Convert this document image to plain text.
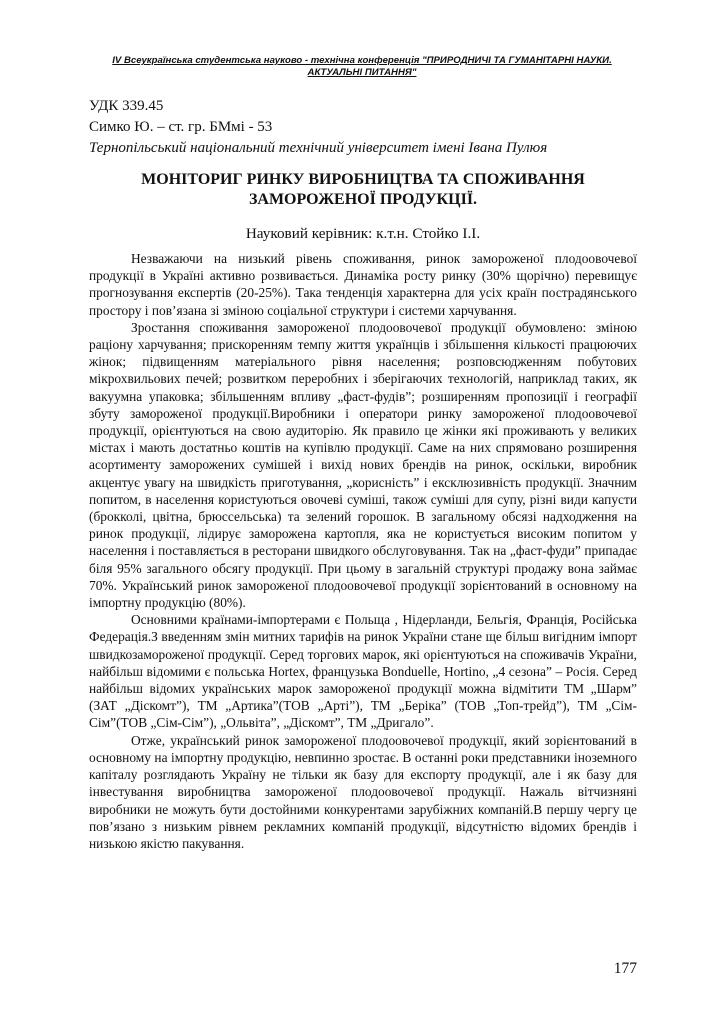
IV Всеукраїнська студентська науково - технічна конференція "ПРИРОДНИЧІ ТА ГУМАНІТАРНІ НАУКИ.
АКТУАЛЬНІ ПИТАННЯ"
УДК 339.45
Симко Ю. – ст. гр. БМмі - 53
Тернопільський національний технічний університет імені Івана Пулюя
МОНІТОРИГ РИНКУ ВИРОБНИЦТВА ТА СПОЖИВАННЯ ЗАМОРОЖЕНОЇ ПРОДУКЦІЇ.
Науковий керівник: к.т.н. Стойко І.І.

Незважаючи на низький рівень споживання, ринок замороженої плодоовочевої продукції в Україні активно розвивається. Динаміка росту ринку (30% щорічно) перевищує прогнозування експертів (20-25%). Така тенденція характерна для усіх країн пострадянського простору і пов’язана зі зміною соціальної структури і системи харчування.

Зростання споживання замороженої плодоовочевої продукції обумовлено: зміною раціону харчування; прискоренням темпу життя українців і збільшення кількості працюючих жінок; підвищенням матеріального рівня населення; розповсюдженням побутових мікрохвильових печей; розвитком переробних і зберігаючих технологій, наприклад таких, як вакуумна упаковка; збільшенням впливу „фаст-фудів”; розширенням пропозиції і географії збуту замороженої продукції.Виробники і оператори ринку замороженої плодоовочевої продукції, орієнтуються на свою аудиторію. Як правило це жінки які проживають у великих містах і мають достатньо коштів на купівлю продукції. Саме на них спрямовано розширення асортименту заморожених сумішей і вихід нових брендів на ринок, оскільки, виробник акцентує увагу на швидкість приготування, „корисність” і ексклюзивність продукції. Значним попитом, в населення користуються овочеві суміші, також суміші для супу, різні види капусти (брокколі, цвітна, брюссельська) та зелений горошок. В загальному обсязі надходження на ринок продукції, лідирує заморожена картопля, яка не користується високим попитом у населення і поставляється в ресторани швидкого обслуговування. Так на „фаст-фуди” припадає біля 95% загального обсягу продукції. При цьому в загальній структурі продажу вона займає 70%. Український ринок замороженої плодоовочевої продукції зорієнтований в основному на імпортну продукцію (80%).

Основними країнами-імпортерами є Польща , Нідерланди, Бельгія, Франція, Російська Федерація.З введенням змін митних тарифів на ринок України стане ще більш вигідним імпорт швидкозамороженої продукції. Серед торгових марок, які орієнтуються на споживачів України, найбільш відомими є польська Hortex, французька Bonduelle, Hortino, „4 сезона” – Росія. Серед найбільш відомих українських марок замороженої продукції можна відмітити ТМ „Шарм” (ЗАТ „Діскомт”), ТМ „Артика”(ТОВ „Арті”), ТМ „Беріка” (ТОВ „Топ-трейд”), ТМ „Сім-Сім”(ТОВ „Сім-Сім”), „Ольвіта”, „Діскомт”, ТМ „Дригало”.

Отже, український ринок замороженої плодоовочевої продукції, який зорієнтований в основному на імпортну продукцію, невпинно зростає. В останні роки представники іноземного капіталу розглядають Україну не тільки як базу для експорту продукції, але і як базу для інвестування виробництва замороженої плодоовочевої продукції. Нажаль вітчизняні виробники не можуть бути достойними конкурентами зарубіжних компаній.В першу чергу це пов’язано з низьким рівнем рекламних компаній продукції, відсутністю відомих брендів і низькою якістю пакування.

177
